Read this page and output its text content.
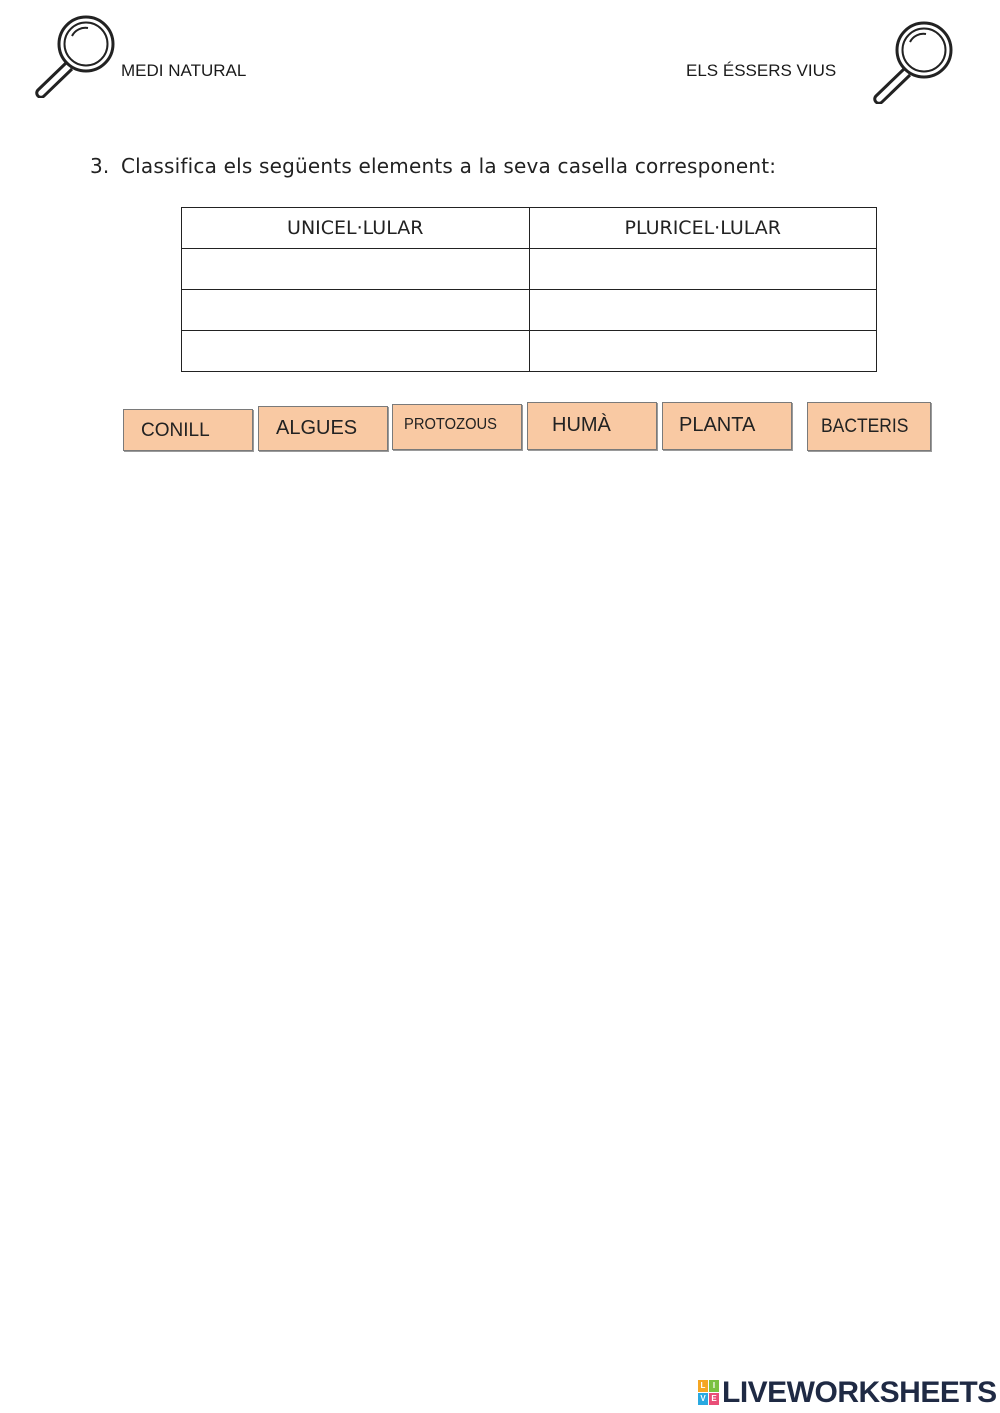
MEDI NATURAL	ELS ÉSSERS VIUS
3. Classifica els següents elements a la seva casella corresponent:
UNICEL·LULAR	PLURICEL·LULAR

CONILL	ALGUES	PROTOZOUS	HUMÀ	PLANTA	BACTERIS
L I
V E LIVEWORKSHEETS
